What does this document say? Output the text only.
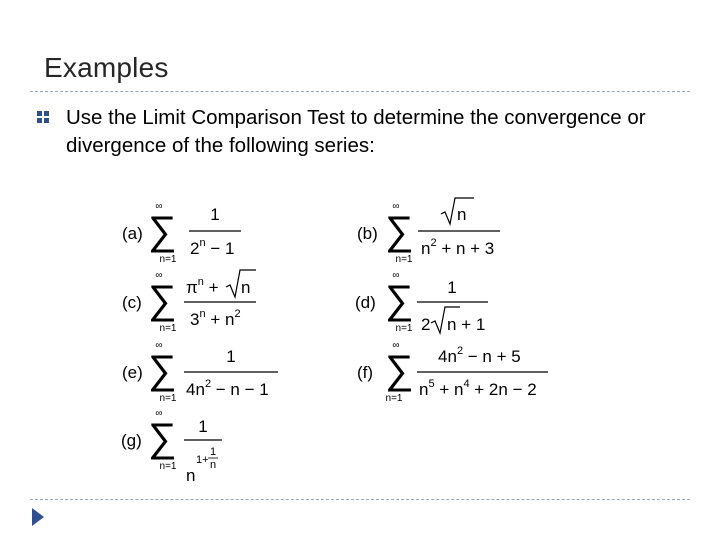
Examples
Use the Limit Comparison Test to determine the convergence or divergence of the following series:
(a)
∞
∑
n=1
1
$2^n - 1$
(b)
∞
∑
n=1
n
$n^2 + n + 3$
(c)
∞
∑
n=1
$\pi^n + n$
$3^n + n^2$
(d)
∞
∑
n=1
1
2 n + 1
(e)
∞
∑
n=1
1
$4n^2 - n - 1$
(f)
∞
∑
n=1
$4n^2 - n + 5$
$n^5 + n^4 + 2n - 2$
(g)
∞
∑
n=1
1
n
1+
1
n
